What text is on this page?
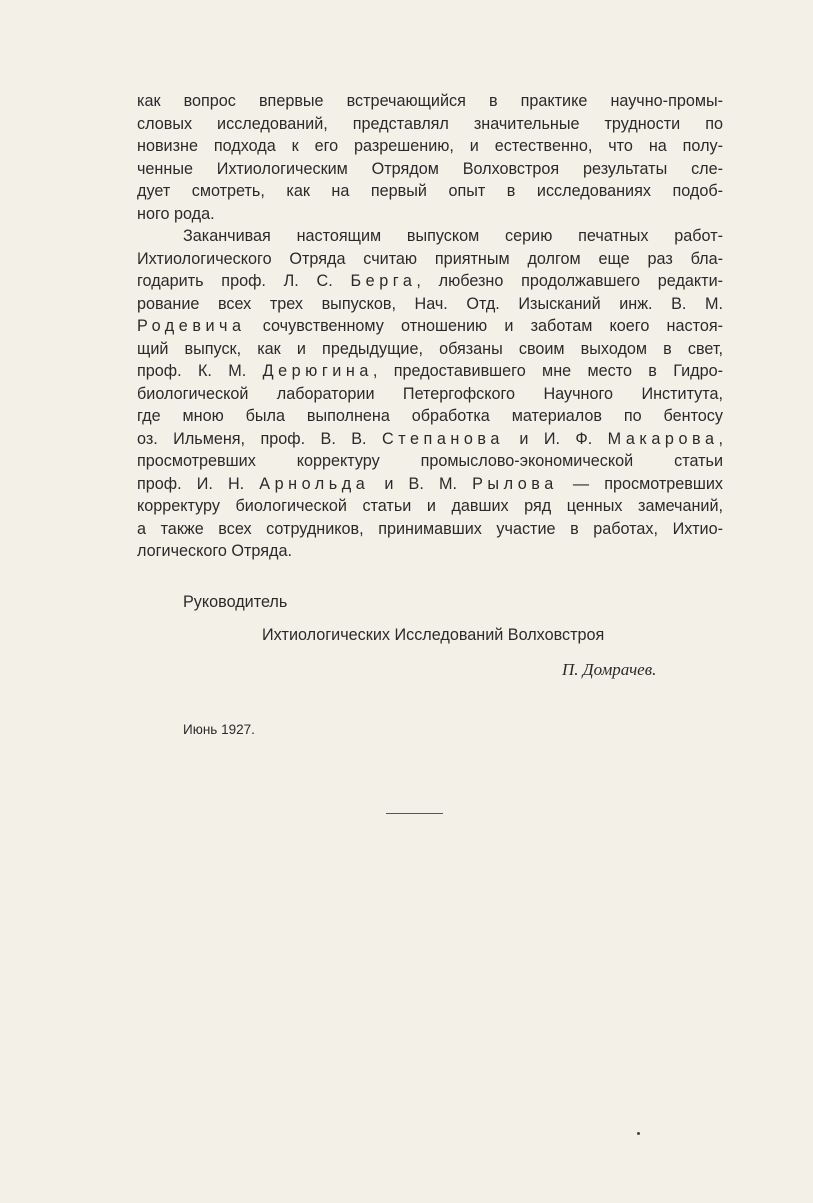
как вопрос впервые встречающийся в практике научно-промы-
словых исследований, представлял значительные трудности по
новизне подхода к его разрешению, и естественно, что на полу-
ченные Ихтиологическим Отрядом Волховстроя результаты сле-
дует смотреть, как на первый опыт в исследованиях подоб-
ного рода.
Заканчивая настоящим выпуском серию печатных работ-
Ихтиологического Отряда считаю приятным долгом еще раз бла-
годарить проф. Л. С. Берга, любезно продолжавшего редакти-
рование всех трех выпусков, Нач. Отд. Изысканий инж. В. М.
Родевича сочувственному отношению и заботам коего настоя-
щий выпуск, как и предыдущие, обязаны своим выходом в свет,
проф. К. М. Дерюгина, предоставившего мне место в Гидро-
биологической лаборатории Петергофского Научного Института,
где мною была выполнена обработка материалов по бентосу
оз. Ильменя, проф. В. В. Степанова и И. Ф. Макарова,
просмотревших корректуру промыслово-экономической статьи
проф. И. Н. Арнольда и В. М. Рылова — просмотревших
корректуру биологической статьи и давших ряд ценных замечаний,
а также всех сотрудников, принимавших участие в работах, Ихтио-
логического Отряда.
Руководитель
Ихтиологических Исследований Волховстроя
П. Домрачев.
Июнь 1927.
